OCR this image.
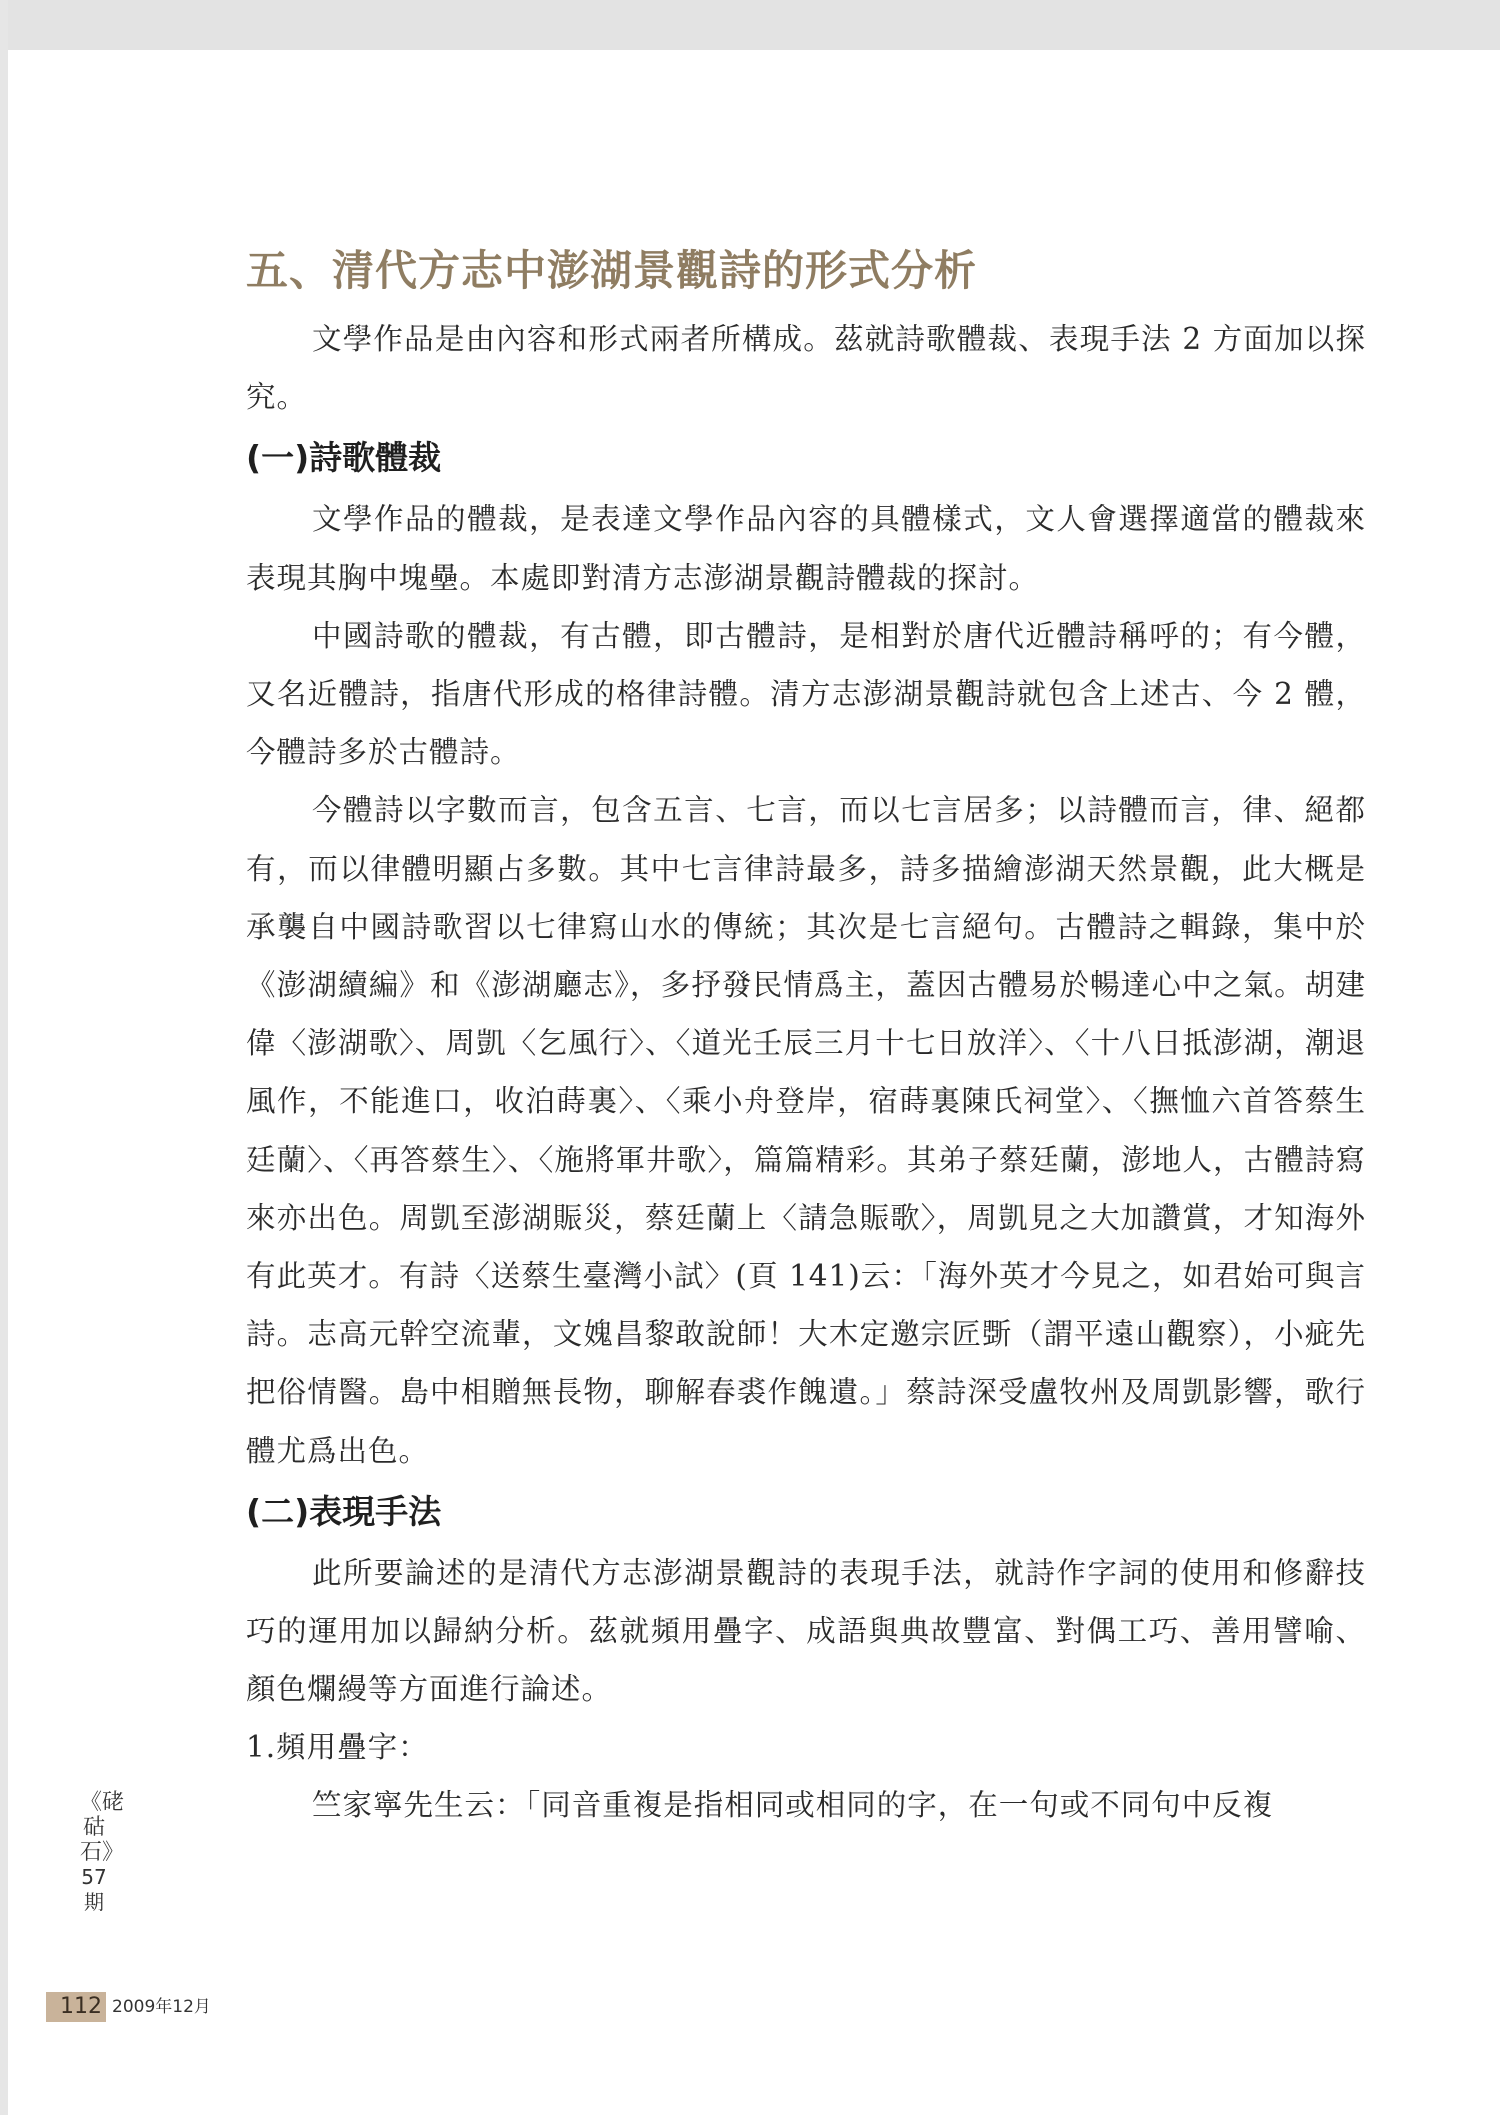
五、清代方志中澎湖景觀詩的形式分析

文學作品是由內容和形式兩者所構成。茲就詩歌體裁、表現手法 2 方面加以探究。

(一)詩歌體裁

文學作品的體裁，是表達文學作品內容的具體樣式，文人會選擇適當的體裁來表現其胸中塊壘。本處即對清方志澎湖景觀詩體裁的探討。

中國詩歌的體裁，有古體，即古體詩，是相對於唐代近體詩稱呼的；有今體，又名近體詩，指唐代形成的格律詩體。清方志澎湖景觀詩就包含上述古、今 2 體，今體詩多於古體詩。

今體詩以字數而言，包含五言、七言，而以七言居多；以詩體而言，律、絕都有，而以律體明顯占多數。其中七言律詩最多，詩多描繪澎湖天然景觀，此大概是承襲自中國詩歌習以七律寫山水的傳統；其次是七言絕句。古體詩之輯錄，集中於《澎湖續編》和《澎湖廳志》，多抒發民情爲主，蓋因古體易於暢達心中之氣。胡建偉〈澎湖歌〉、周凱〈乞風行〉、〈道光壬辰三月十七日放洋〉、〈十八日抵澎湖，潮退風作，不能進口，收泊蒔裏〉、〈乘小舟登岸，宿蒔裏陳氏祠堂〉、〈撫恤六首答蔡生廷蘭〉、〈再答蔡生〉、〈施將軍井歌〉，篇篇精彩。其弟子蔡廷蘭，澎地人，古體詩寫來亦出色。周凱至澎湖賑災，蔡廷蘭上〈請急賑歌〉，周凱見之大加讚賞，才知海外有此英才。有詩〈送蔡生臺灣小試〉(頁 141)云：「海外英才今見之，如君始可與言詩。志高元幹空流輩，文媿昌黎敢說師！大木定邀宗匠斲（謂平遠山觀察），小疵先把俗情醫。島中相贈無長物，聊解春裘作餽遺。」蔡詩深受盧牧州及周凱影響，歌行體尤爲出色。

(二)表現手法

此所要論述的是清代方志澎湖景觀詩的表現手法，就詩作字詞的使用和修辭技巧的運用加以歸納分析。茲就頻用疊字、成語與典故豐富、對偶工巧、善用譬喻、顏色爛縵等方面進行論述。

1.頻用疊字：

竺家寧先生云：「同音重複是指相同或相同的字，在一句或不同句中反複

《硓𥑮石》
57期
112 2009年12月
